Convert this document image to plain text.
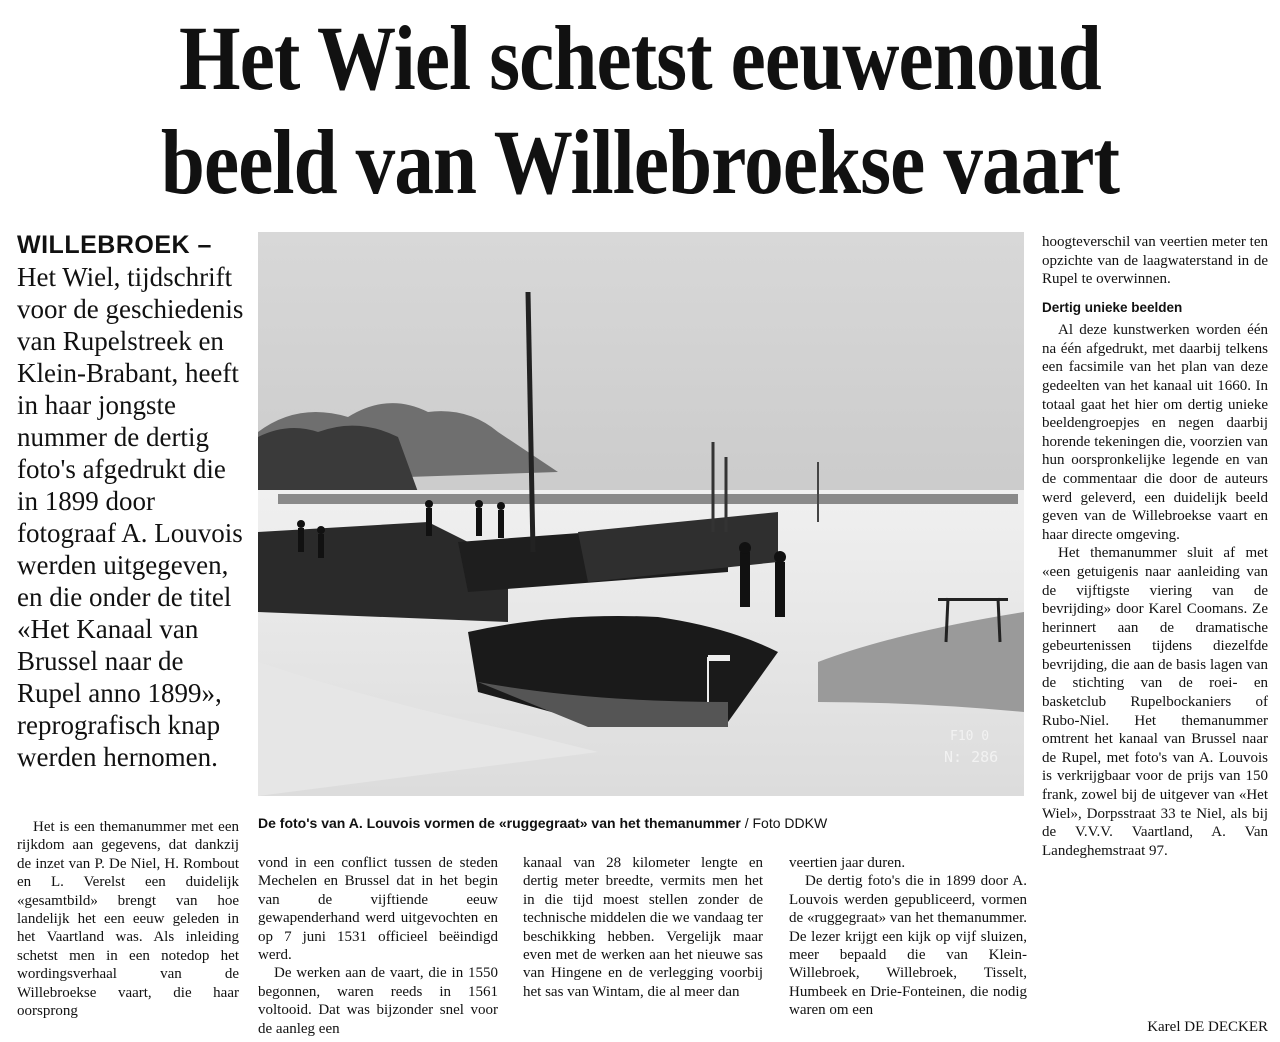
Het Wiel schetst eeuwenoud
beeld van Willebroekse vaart

WILLEBROEK – Het Wiel, tijdschrift voor de geschiedenis van Rupelstreek en Klein-Brabant, heeft in haar jongste nummer de dertig foto's afgedrukt die in 1899 door fotograaf A. Louvois werden uitgegeven, en die onder de titel «Het Kanaal van Brussel naar de Rupel anno 1899», reprografisch knap werden hernomen.

F10 0
N: 286
De foto's van A. Louvois vormen de «ruggegraat» van het themanummer / Foto DDKW

Het is een themanummer met een rijkdom aan gegevens, dat dankzij de inzet van P. De Niel, H. Rombout en L. Verelst een duidelijk «gesamtbild» brengt van hoe landelijk het een eeuw geleden in het Vaartland was. Als inleiding schetst men in een notedop het wordingsverhaal van de Willebroekse vaart, die haar oorsprong

vond in een conflict tussen de steden Mechelen en Brussel dat in het begin van de vijftiende eeuw gewapenderhand werd uitgevochten en op 7 juni 1531 officieel beëindigd werd.

De werken aan de vaart, die in 1550 begonnen, waren reeds in 1561 voltooid. Dat was bijzonder snel voor de aanleg een

kanaal van 28 kilometer lengte en dertig meter breedte, vermits men het in die tijd moest stellen zonder de technische middelen die we vandaag ter beschikking hebben. Vergelijk maar even met de werken aan het nieuwe sas van Hingene en de verlegging voorbij het sas van Wintam, die al meer dan

veertien jaar duren.

De dertig foto's die in 1899 door A. Louvois werden gepubliceerd, vormen de «ruggegraat» van het themanummer. De lezer krijgt een kijk op vijf sluizen, meer bepaald die van Klein-Willebroek, Willebroek, Tisselt, Humbeek en Drie-Fonteinen, die nodig waren om een

hoogteverschil van veertien meter ten opzichte van de laagwaterstand in de Rupel te overwinnen.

Dertig unieke beelden

Al deze kunstwerken worden één na één afgedrukt, met daarbij telkens een facsimile van het plan van deze gedeelten van het kanaal uit 1660. In totaal gaat het hier om dertig unieke beeldengroepjes en negen daarbij horende tekeningen die, voorzien van hun oorspronkelijke legende en van de commentaar die door de auteurs werd geleverd, een duidelijk beeld geven van de Willebroekse vaart en haar directe omgeving.

Het themanummer sluit af met «een getuigenis naar aanleiding van de vijftigste viering van de bevrijding» door Karel Coomans. Ze herinnert aan de dramatische gebeurtenissen tijdens diezelfde bevrijding, die aan de basis lagen van de stichting van de roei- en basketclub Rupelbockaniers of Rubo-Niel. Het themanummer omtrent het kanaal van Brussel naar de Rupel, met foto's van A. Louvois is verkrijgbaar voor de prijs van 150 frank, zowel bij de uitgever van «Het Wiel», Dorpsstraat 33 te Niel, als bij de V.V.V. Vaartland, A. Van Landeghemstraat 97.

Karel DE DECKER
